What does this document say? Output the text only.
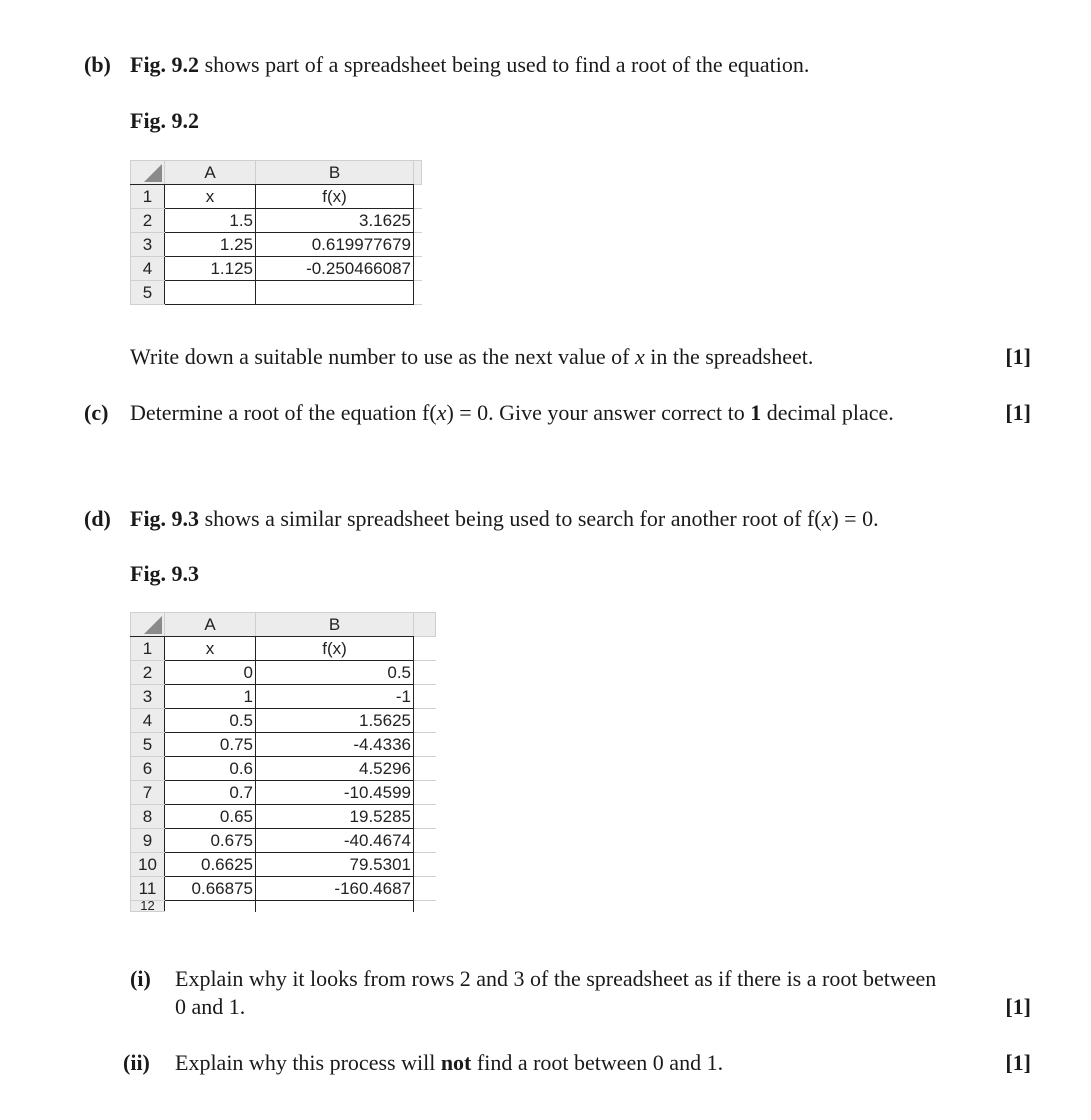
(b) Fig. 9.2 shows part of a spreadsheet being used to find a root of the equation.
Fig. 9.2
	A	B	
1	x	f(x)	
2	1.5	3.1625	
3	1.25	0.619977679	
4	1.125	-0.250466087	
5			
Write down a suitable number to use as the next value of x in the spreadsheet.	[1]
(c) Determine a root of the equation f(x) = 0. Give your answer correct to 1 decimal place.	[1]
(d) Fig. 9.3 shows a similar spreadsheet being used to search for another root of f(x) = 0.
Fig. 9.3
	A	B	
1	x	f(x)	
2	0	0.5	
3	1	-1	
4	0.5	1.5625	
5	0.75	-4.4336	
6	0.6	4.5296	
7	0.7	-10.4599	
8	0.65	19.5285	
9	0.675	-40.4674	
10	0.6625	79.5301	
11	0.66875	-160.4687	
12			
(i) Explain why it looks from rows 2 and 3 of the spreadsheet as if there is a root between
0 and 1.	[1]
(ii) Explain why this process will not find a root between 0 and 1.	[1]
